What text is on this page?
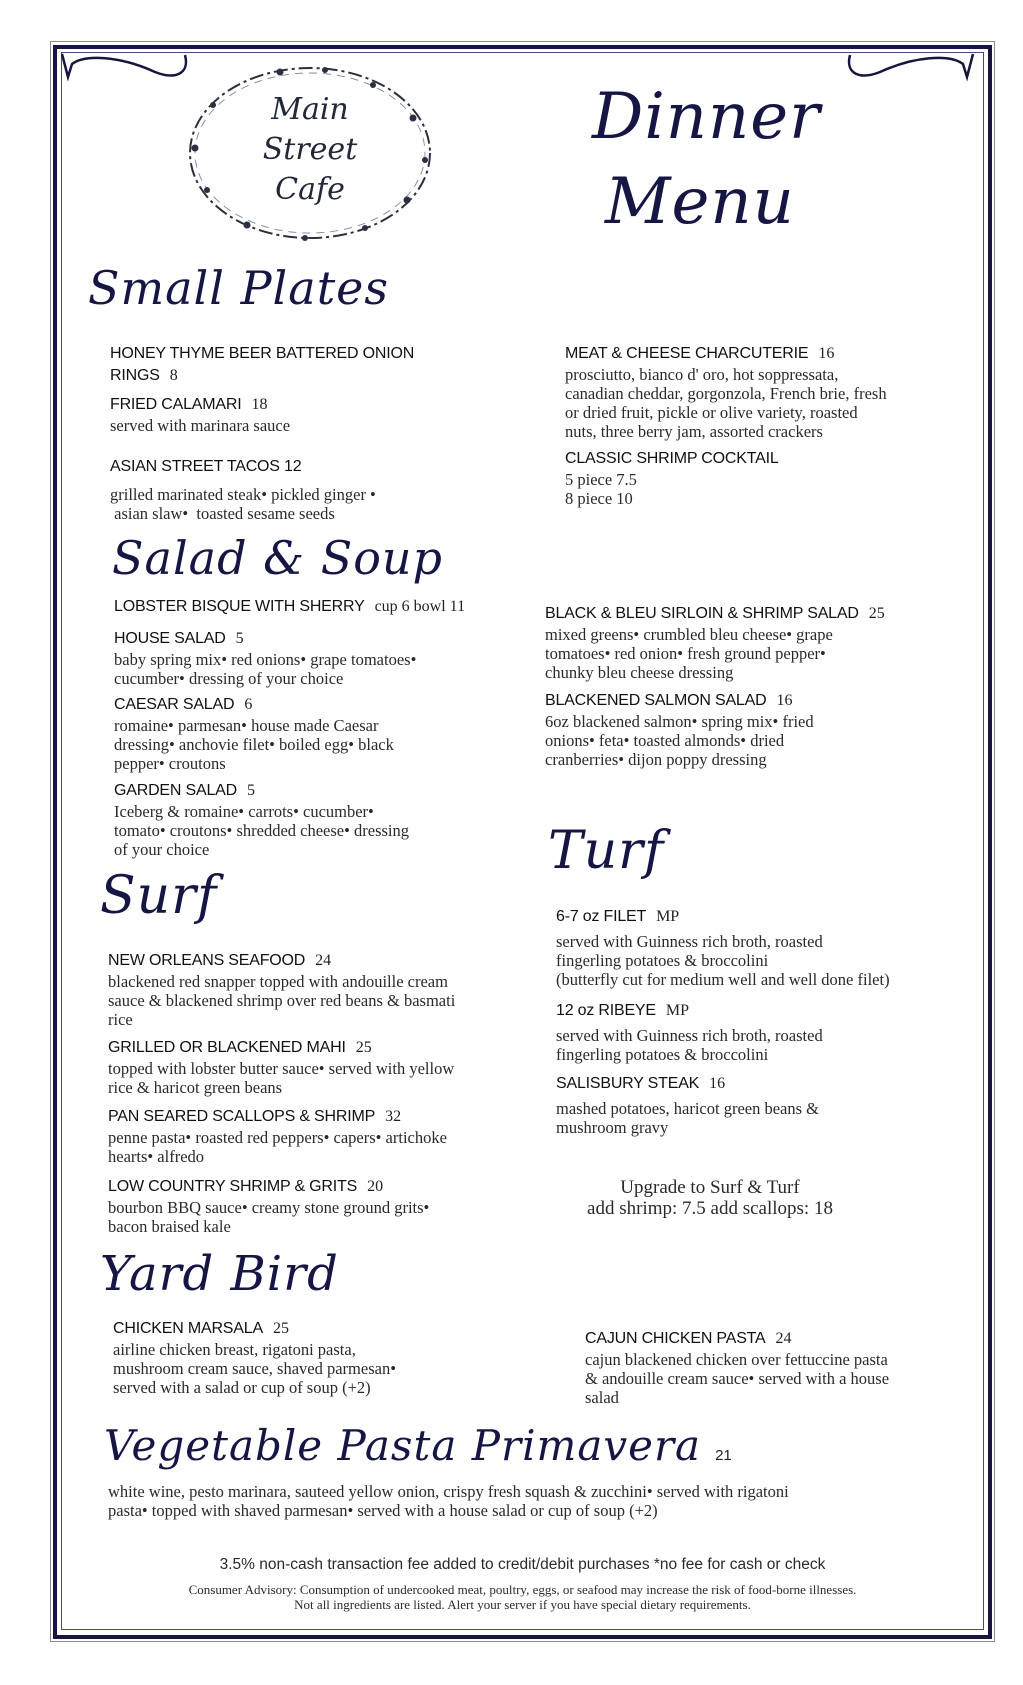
Main
Street
Cafe
Dinner
Menu
Small Plates
HONEY THYME BEER BATTERED ONION
RINGS 8
FRIED CALAMARI 18
served with marinara sauce
ASIAN STREET TACOS 12
grilled marinated steak• pickled ginger •
asian slaw•  toasted sesame seeds
MEAT & CHEESE CHARCUTERIE 16
prosciutto, bianco d' oro, hot soppressata,
canadian cheddar, gorgonzola, French brie, fresh
or dried fruit, pickle or olive variety, roasted
nuts, three berry jam, assorted crackers
CLASSIC SHRIMP COCKTAIL
5 piece 7.5
8 piece 10
Salad & Soup
LOBSTER BISQUE WITH SHERRY cup 6 bowl 11
HOUSE SALAD 5
baby spring mix• red onions• grape tomatoes•
cucumber• dressing of your choice
CAESAR SALAD 6
romaine• parmesan• house made Caesar
dressing• anchovie filet• boiled egg• black
pepper• croutons
GARDEN SALAD 5
Iceberg & romaine• carrots• cucumber•
tomato• croutons• shredded cheese• dressing
of your choice
BLACK & BLEU SIRLOIN & SHRIMP SALAD 25
mixed greens• crumbled bleu cheese• grape
tomatoes• red onion• fresh ground pepper•
chunky bleu cheese dressing
BLACKENED SALMON SALAD 16
6oz blackened salmon• spring mix• fried
onions• feta• toasted almonds• dried
cranberries• dijon poppy dressing
Turf
6-7 oz FILET MP
served with Guinness rich broth, roasted
fingerling potatoes & broccolini
(butterfly cut for medium well and well done filet)
12 oz RIBEYE MP
served with Guinness rich broth, roasted
fingerling potatoes & broccolini
SALISBURY STEAK 16
mashed potatoes, haricot green beans &
mushroom gravy
Upgrade to Surf & Turf
add shrimp: 7.5 add scallops: 18
Surf
NEW ORLEANS SEAFOOD 24
blackened red snapper topped with andouille cream
sauce & blackened shrimp over red beans & basmati
rice
GRILLED OR BLACKENED MAHI 25
topped with lobster butter sauce• served with yellow
rice & haricot green beans
PAN SEARED SCALLOPS & SHRIMP 32
penne pasta• roasted red peppers• capers• artichoke
hearts• alfredo
LOW COUNTRY SHRIMP & GRITS 20
bourbon BBQ sauce• creamy stone ground grits•
bacon braised kale
Yard Bird
CHICKEN MARSALA 25
airline chicken breast, rigatoni pasta,
mushroom cream sauce, shaved parmesan•
served with a salad or cup of soup (+2)
CAJUN CHICKEN PASTA 24
cajun blackened chicken over fettuccine pasta
& andouille cream sauce• served with a house
salad
Vegetable Pasta Primavera 21
white wine, pesto marinara, sauteed yellow onion, crispy fresh squash & zucchini• served with rigatoni
pasta• topped with shaved parmesan• served with a house salad or cup of soup (+2)
3.5% non-cash transaction fee added to credit/debit purchases *no fee for cash or check
Consumer Advisory: Consumption of undercooked meat, poultry, eggs, or seafood may increase the risk of food-borne illnesses.
Not all ingredients are listed. Alert your server if you have special dietary requirements.
